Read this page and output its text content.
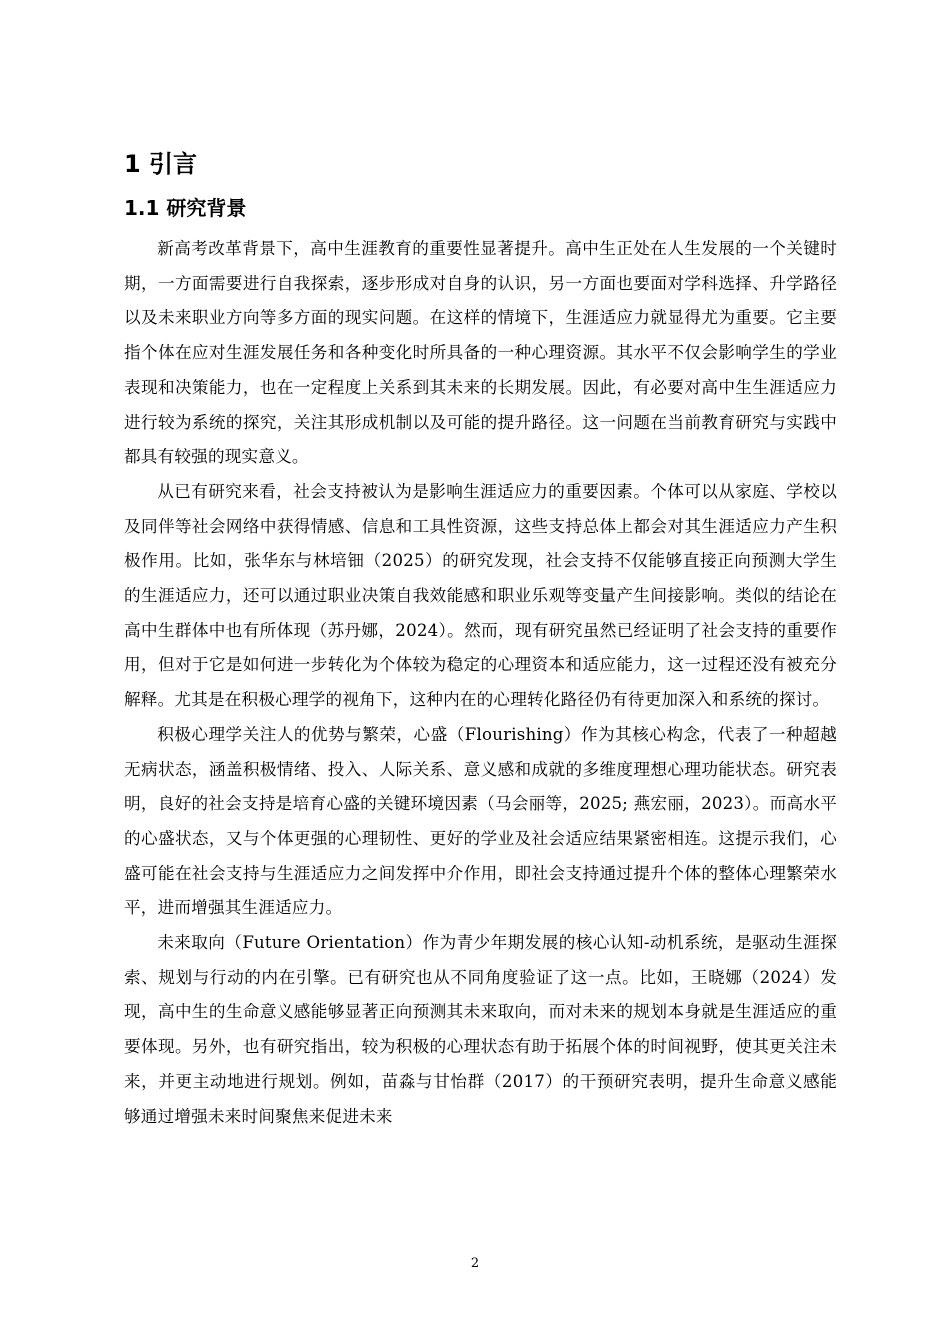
1 引言
1.1 研究背景

新高考改革背景下，高中生涯教育的重要性显著提升。高中生正处在人生发展的一个关键时期，一方面需要进行自我探索，逐步形成对自身的认识，另一方面也要面对学科选择、升学路径以及未来职业方向等多方面的现实问题。在这样的情境下，生涯适应力就显得尤为重要。它主要指个体在应对生涯发展任务和各种变化时所具备的一种心理资源。其水平不仅会影响学生的学业表现和决策能力，也在一定程度上关系到其未来的长期发展。因此，有必要对高中生生涯适应力进行较为系统的探究，关注其形成机制以及可能的提升路径。这一问题在当前教育研究与实践中都具有较强的现实意义。

从已有研究来看，社会支持被认为是影响生涯适应力的重要因素。个体可以从家庭、学校以及同伴等社会网络中获得情感、信息和工具性资源，这些支持总体上都会对其生涯适应力产生积极作用。比如，张华东与林培钿（2025）的研究发现，社会支持不仅能够直接正向预测大学生的生涯适应力，还可以通过职业决策自我效能感和职业乐观等变量产生间接影响。类似的结论在高中生群体中也有所体现（苏丹娜，2024）。然而，现有研究虽然已经证明了社会支持的重要作用，但对于它是如何进一步转化为个体较为稳定的心理资本和适应能力，这一过程还没有被充分解释。尤其是在积极心理学的视角下，这种内在的心理转化路径仍有待更加深入和系统的探讨。

积极心理学关注人的优势与繁荣，心盛（Flourishing）作为其核心构念，代表了一种超越无病状态，涵盖积极情绪、投入、人际关系、意义感和成就的多维度理想心理功能状态。研究表明，良好的社会支持是培育心盛的关键环境因素（马会丽等，2025; 燕宏丽，2023）。而高水平的心盛状态，又与个体更强的心理韧性、更好的学业及社会适应结果紧密相连。这提示我们，心盛可能在社会支持与生涯适应力之间发挥中介作用，即社会支持通过提升个体的整体心理繁荣水平，进而增强其生涯适应力。

未来取向（Future Orientation）作为青少年期发展的核心认知-动机系统，是驱动生涯探索、规划与行动的内在引擎。已有研究也从不同角度验证了这一点。比如，王晓娜（2024）发现，高中生的生命意义感能够显著正向预测其未来取向，而对未来的规划本身就是生涯适应的重要体现。另外，也有研究指出，较为积极的心理状态有助于拓展个体的时间视野，使其更关注未来，并更主动地进行规划。例如，苗淼与甘怡群（2017）的干预研究表明，提升生命意义感能够通过增强未来时间聚焦来促进未来

2
